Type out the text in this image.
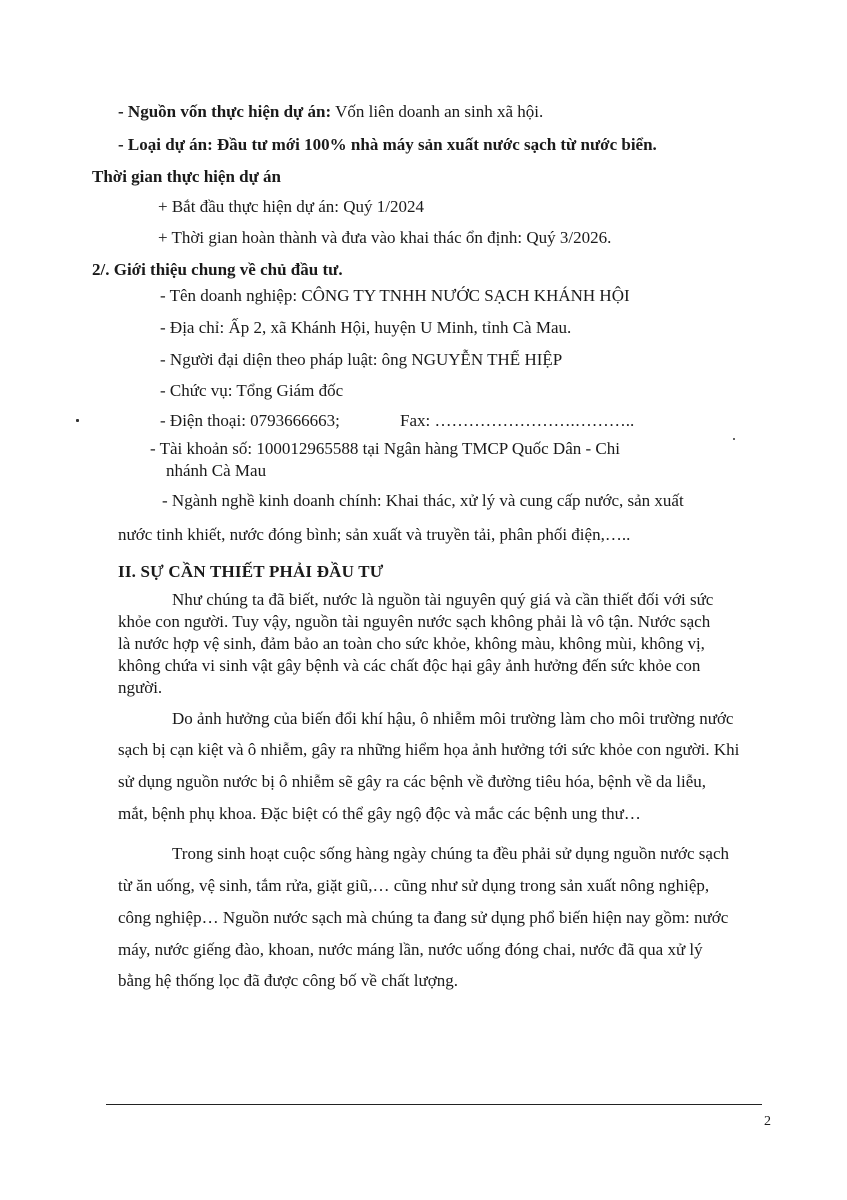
- Nguồn vốn thực hiện dự án: Vốn liên doanh an sinh xã hội.
- Loại dự án: Đầu tư mới 100% nhà máy sản xuất nước sạch từ nước biển.
Thời gian thực hiện dự án
+ Bắt đầu thực hiện dự án: Quý 1/2024
+ Thời gian hoàn thành và đưa vào khai thác ổn định: Quý 3/2026.
2/. Giới thiệu chung về chủ đầu tư.
- Tên doanh nghiệp: CÔNG TY TNHH NƯỚC SẠCH KHÁNH HỘI
- Địa chỉ: Ấp 2, xã Khánh Hội, huyện U Minh, tỉnh Cà Mau.
- Người đại diện theo pháp luật: ông NGUYỄN THẾ HIỆP
- Chức vụ: Tổng Giám đốc
- Điện thoại: 0793666663;	Fax: …………………….………..
- Tài khoản số: 100012965588 tại Ngân hàng TMCP Quốc Dân - Chi
nhánh Cà Mau
- Ngành nghề kinh doanh chính: Khai thác, xử lý và cung cấp nước, sản xuất
nước tinh khiết, nước đóng bình; sản xuất và truyền tải, phân phối điện,…..
II. SỰ CẦN THIẾT PHẢI ĐẦU TƯ
Như chúng ta đã biết, nước là nguồn tài nguyên quý giá và cần thiết đối với sức
khỏe con người. Tuy vậy, nguồn tài nguyên nước sạch không phải là vô tận. Nước sạch
là nước hợp vệ sinh, đảm bảo an toàn cho sức khỏe, không màu, không mùi, không vị,
không chứa vi sinh vật gây bệnh và các chất độc hại gây ảnh hưởng đến sức khỏe con
người.
Do ảnh hưởng của biến đổi khí hậu, ô nhiễm môi trường làm cho môi trường nước
sạch bị cạn kiệt và ô nhiễm, gây ra những hiểm họa ảnh hưởng tới sức khỏe con người. Khi
sử dụng nguồn nước bị ô nhiễm sẽ gây ra các bệnh về đường tiêu hóa, bệnh về da liễu,
mắt, bệnh phụ khoa. Đặc biệt có thể gây ngộ độc và mắc các bệnh ung thư…
Trong sinh hoạt cuộc sống hàng ngày chúng ta đều phải sử dụng nguồn nước sạch
từ ăn uống, vệ sinh, tắm rửa, giặt giũ,… cũng như sử dụng trong sản xuất nông nghiệp,
công nghiệp… Nguồn nước sạch mà chúng ta đang sử dụng phổ biến hiện nay gồm: nước
máy, nước giếng đào, khoan, nước máng lần, nước uống đóng chai, nước đã qua xử lý
bằng hệ thống lọc đã được công bố về chất lượng.
2
